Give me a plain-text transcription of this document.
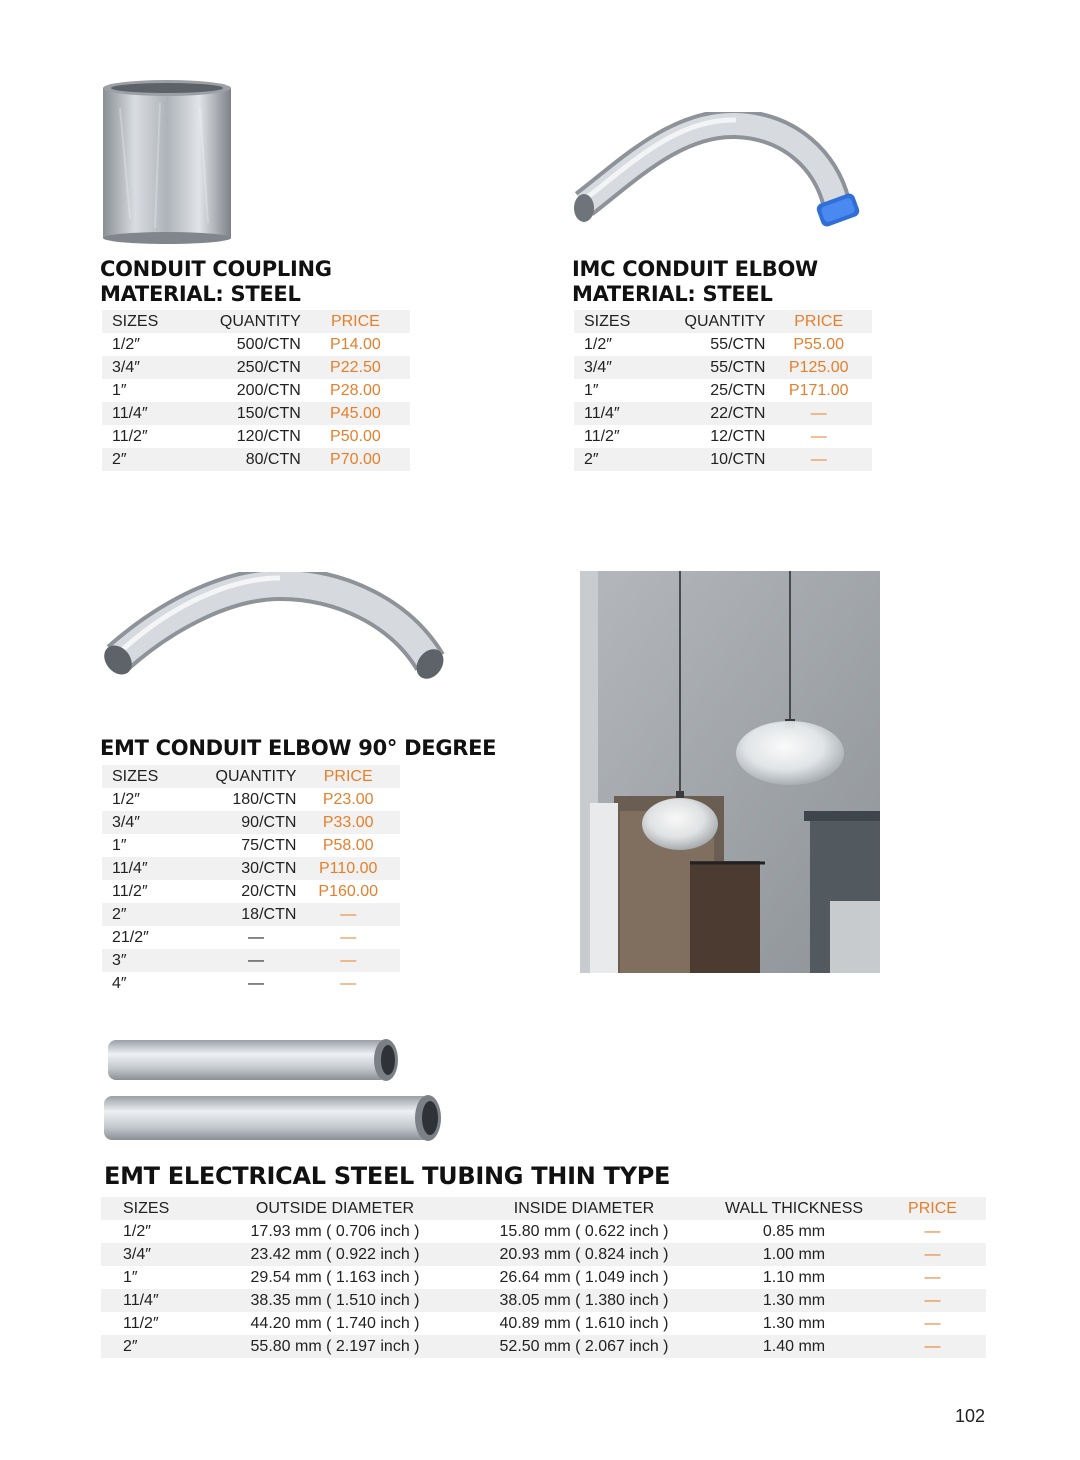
CONDUIT COUPLING
MATERIAL: STEEL
SIZES	QUANTITY	PRICE
1/2″	500/CTN	P14.00
3/4″	250/CTN	P22.50
1″	200/CTN	P28.00
11/4″	150/CTN	P45.00
11/2″	120/CTN	P50.00
2″	80/CTN	P70.00
IMC CONDUIT ELBOW
MATERIAL: STEEL
SIZES	QUANTITY	PRICE
1/2″	55/CTN	P55.00
3/4″	55/CTN	P125.00
1″	25/CTN	P171.00
11/4″	22/CTN	—
11/2″	12/CTN	—
2″	10/CTN	—
EMT CONDUIT ELBOW 90° DEGREE
SIZES	QUANTITY	PRICE
1/2″	180/CTN	P23.00
3/4″	90/CTN	P33.00
1″	75/CTN	P58.00
11/4″	30/CTN	P110.00
11/2″	20/CTN	P160.00
2″	18/CTN	—
21/2″	—	—
3″	—	—
4″	—	—
EMT ELECTRICAL STEEL TUBING THIN TYPE
SIZES	OUTSIDE DIAMETER	INSIDE DIAMETER	WALL THICKNESS	PRICE
1/2″	17.93 mm ( 0.706 inch )	15.80 mm ( 0.622 inch )	0.85 mm	—
3/4″	23.42 mm ( 0.922 inch )	20.93 mm ( 0.824 inch )	1.00 mm	—
1″	29.54 mm ( 1.163 inch )	26.64 mm ( 1.049 inch )	1.10 mm	—
11/4″	38.35 mm ( 1.510 inch )	38.05 mm ( 1.380 inch )	1.30 mm	—
11/2″	44.20 mm ( 1.740 inch )	40.89 mm ( 1.610 inch )	1.30 mm	—
2″	55.80 mm ( 2.197 inch )	52.50 mm ( 2.067 inch )	1.40 mm	—
102
